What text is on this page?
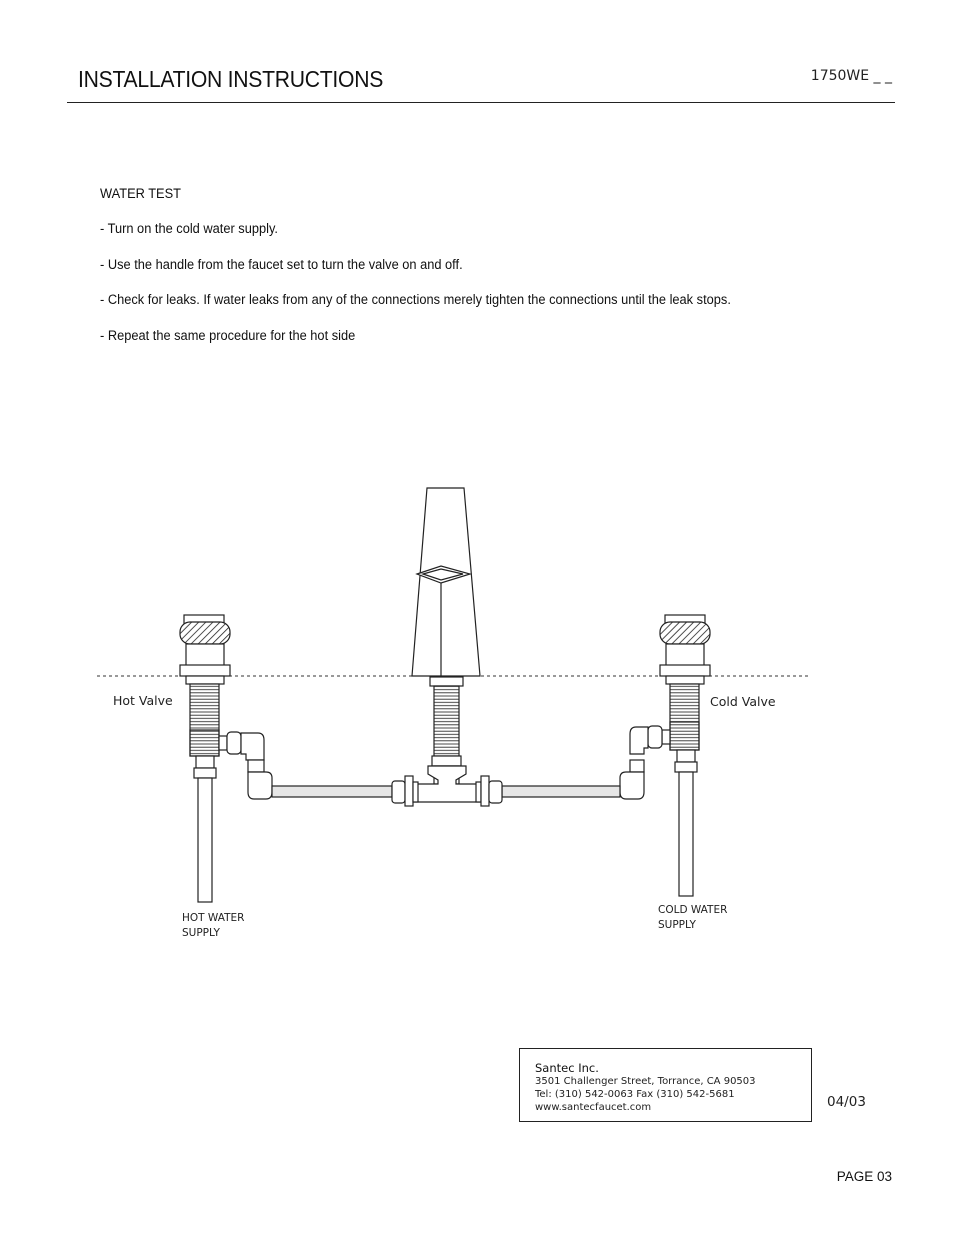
INSTALLATION INSTRUCTIONS	1750WE _ _
WATER TEST
- Turn on the cold water supply.
- Use the handle from the faucet set to turn the valve on and off.
- Check for leaks. If water leaks from any of the connections merely tighten the connections until the leak stops.
- Repeat the same procedure for the hot side
Hot Valve	Cold Valve
HOT WATER
SUPPLY
COLD WATER
SUPPLY
Santec Inc.
3501 Challenger Street, Torrance, CA 90503
Tel: (310) 542-0063 Fax (310) 542-5681
www.santecfaucet.com	04/03
PAGE 03
